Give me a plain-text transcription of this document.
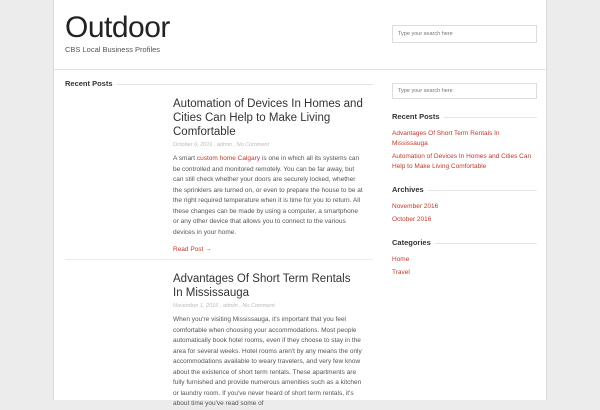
Outdoor
CBS Local Business Profiles
Type your search here
Recent Posts
Automation of Devices In Homes and Cities Can Help to Make Living Comfortable
October 6, 2016 , admin , No Comment

A smart custom home Calgary is one in which all its systems can be controlled and monitored remotely. You can be far away, but can still check whether your doors are securely locked, whether the sprinklers are turned on, or even to prepare the house to be at the right required temperature when it is time for you to return. All these changes can be made by using a computer, a smartphone or any other device that allows you to connect to the various devices in your home.

Read Post →
Advantages Of Short Term Rentals In Mississauga
November 1, 2016 , admin , No Comment

When you're visiting Mississauga, it's important that you feel comfortable when choosing your accommodations. Most people automatically book hotel rooms, even if they choose to stay in the area for several weeks. Hotel rooms aren't by any means the only accommodations available to weary travelers, and very few know about the existence of short term rentals. These apartments are fully furnished and provide numerous amenities such as a kitchen or laundry room. If you've never heard of short term rentals, it's about time you've read some of

Type your search here
Recent Posts
Advantages Of Short Term Rentals In Mississauga
Automation of Devices In Homes and Cities Can Help to Make Living Comfortable
Archives
November 2016
October 2016
Categories
Home
Travel
